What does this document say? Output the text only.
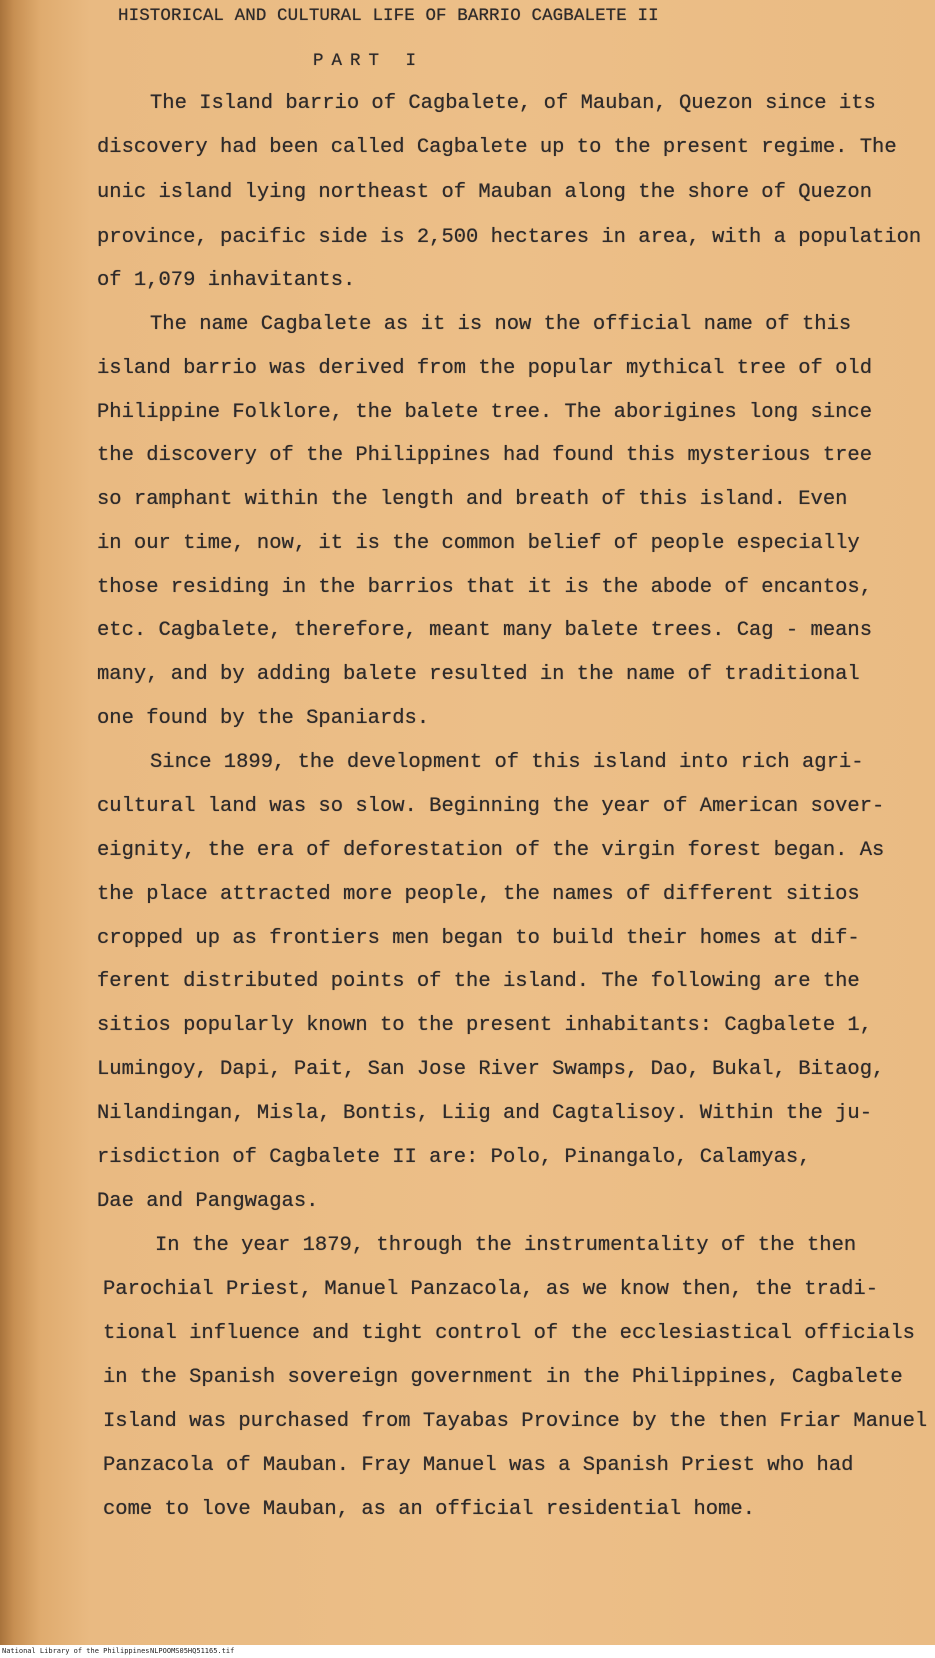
HISTORICAL AND CULTURAL LIFE OF BARRIO CAGBALETE II
PART I
The Island barrio of Cagbalete, of Mauban, Quezon since its
discovery had been called Cagbalete up to the present regime. The
unic island lying northeast of Mauban along the shore of Quezon
province, pacific side is 2,500 hectares in area, with a population
of 1,079 inhavitants.
The name Cagbalete as it is now the official name of this
island barrio was derived from the popular mythical tree of old
Philippine Folklore, the balete tree. The aborigines long since
the discovery of the Philippines had found this mysterious tree
so ramphant within the length and breath of this island. Even
in our time, now, it is the common belief of people especially
those residing in the barrios that it is the abode of encantos,
etc. Cagbalete, therefore, meant many balete trees. Cag - means
many, and by adding balete resulted in the name of traditional
one found by the Spaniards.
Since 1899, the development of this island into rich agri-
cultural land was so slow. Beginning the year of American sover-
eignity, the era of deforestation of the virgin forest began. As
the place attracted more people, the names of different sitios
cropped up as frontiers men began to build their homes at dif-
ferent distributed points of the island. The following are the
sitios popularly known to the present inhabitants: Cagbalete 1,
Lumingoy, Dapi, Pait, San Jose River Swamps, Dao, Bukal, Bitaog,
Nilandingan, Misla, Bontis, Liig and Cagtalisoy. Within the ju-
risdiction of Cagbalete II are: Polo, Pinangalo, Calamyas,
Dae and Pangwagas.
In the year 1879, through the instrumentality of the then
Parochial Priest, Manuel Panzacola, as we know then, the tradi-
tional influence and tight control of the ecclesiastical officials
in the Spanish sovereign government in the Philippines, Cagbalete
Island was purchased from Tayabas Province by the then Friar Manuel
Panzacola of Mauban. Fray Manuel was a Spanish Priest who had
come to love Mauban, as an official residential home.
National Library of the Philippines NLPOOMS05HQ51165.tif
